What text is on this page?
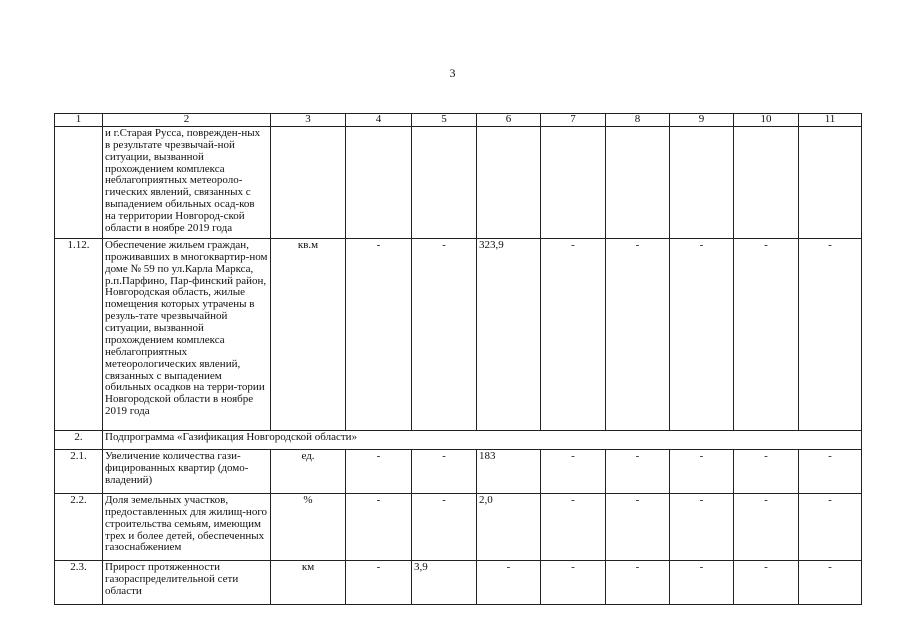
3
1	2	3	4	5	6	7	8	9	10	11
	и г.Старая Русса, поврежден-ных в результате чрезвычай-ной ситуации, вызванной прохождением комплекса неблагоприятных метеороло-гических явлений, связанных с выпадением обильных осад-ков на территории Новгород-ской области в ноябре 2019 года									
1.12.	Обеспечение жильем граждан, проживавших в многоквартир-ном доме № 59 по ул.Карла Маркса, р.п.Парфино, Пар-финский район, Новгородская область, жилые помещения которых утрачены в резуль-тате чрезвычайной ситуации, вызванной прохождением комплекса неблагоприятных метеорологических явлений, связанных с выпадением обильных осадков на терри-тории Новгородской области в ноябре 2019 года	кв.м	-	-	323,9	-	-	-	-	-
2.	Подпрограмма «Газификация Новгородской области»									
2.1.	Увеличение количества гази-фицированных квартир (домо-владений)	ед.	-	-	183	-	-	-	-	-
2.2.	Доля земельных участков, предоставленных для жилищ-ного строительства семьям, имеющим трех и более детей, обеспеченных газоснабжением	%	-	-	2,0	-	-	-	-	-
2.3.	Прирост протяженности газораспределительной сети области	км	-	3,9	-	-	-	-	-	-
